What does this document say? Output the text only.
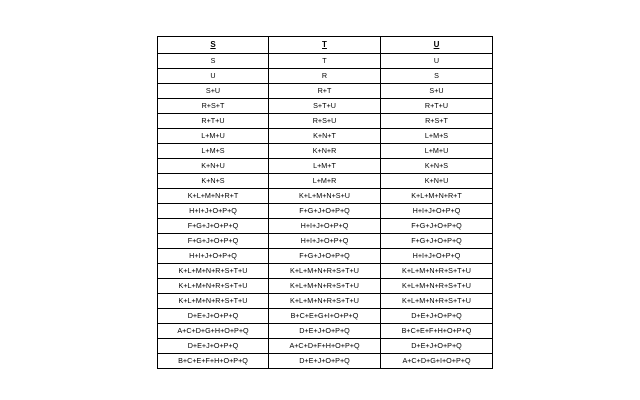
S	T	U
S	T	U
U	R	S
S+U	R+T	S+U
R+S+T	S+T+U	R+T+U
R+T+U	R+S+U	R+S+T
L+M+U	K+N+T	L+M+S
L+M+S	K+N+R	L+M+U
K+N+U	L+M+T	K+N+S
K+N+S	L+M+R	K+N+U
K+L+M+N+R+T	K+L+M+N+S+U	K+L+M+N+R+T
H+I+J+O+P+Q	F+G+J+O+P+Q	H+I+J+O+P+Q
F+G+J+O+P+Q	H+I+J+O+P+Q	F+G+J+O+P+Q
F+G+J+O+P+Q	H+I+J+O+P+Q	F+G+J+O+P+Q
H+I+J+O+P+Q	F+G+J+O+P+Q	H+I+J+O+P+Q
K+L+M+N+R+S+T+U	K+L+M+N+R+S+T+U	K+L+M+N+R+S+T+U
K+L+M+N+R+S+T+U	K+L+M+N+R+S+T+U	K+L+M+N+R+S+T+U
K+L+M+N+R+S+T+U	K+L+M+N+R+S+T+U	K+L+M+N+R+S+T+U
D+E+J+O+P+Q	B+C+E+G+I+O+P+Q	D+E+J+O+P+Q
A+C+D+G+H+O+P+Q	D+E+J+O+P+Q	B+C+E+F+H+O+P+Q
D+E+J+O+P+Q	A+C+D+F+H+O+P+Q	D+E+J+O+P+Q
B+C+E+F+H+O+P+Q	D+E+J+O+P+Q	A+C+D+G+I+O+P+Q
